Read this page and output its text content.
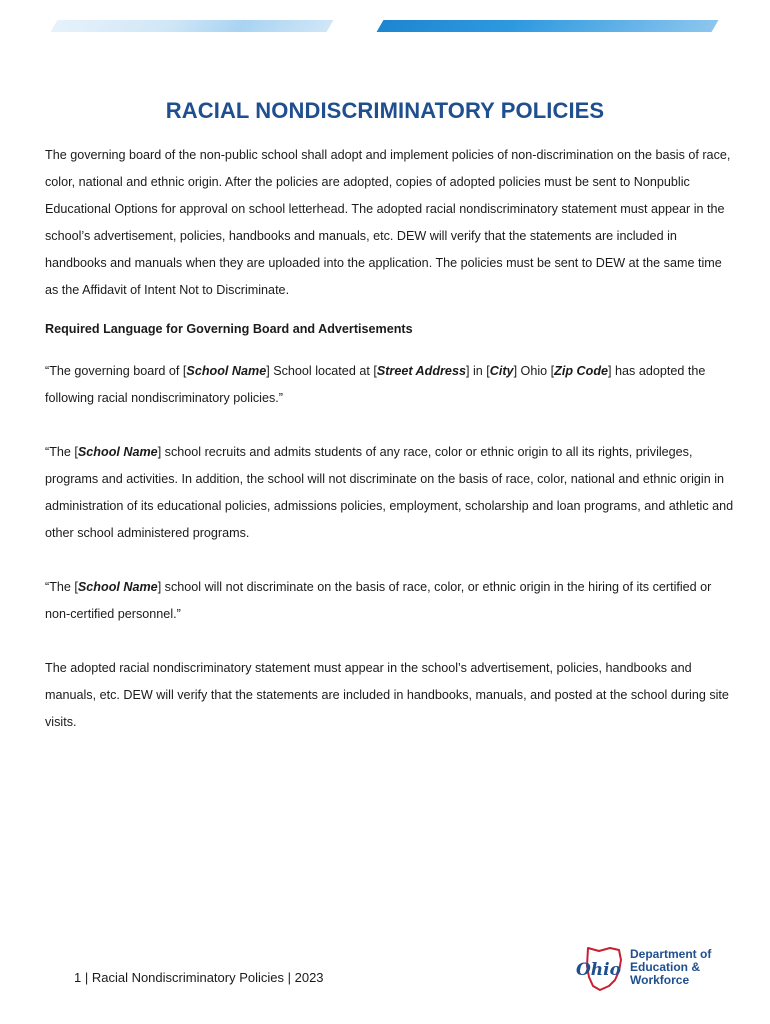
RACIAL NONDISCRIMINATORY POLICIES

The governing board of the non-public school shall adopt and implement policies of non-discrimination on the basis of race, color, national and ethnic origin. After the policies are adopted, copies of adopted policies must be sent to Nonpublic Educational Options for approval on school letterhead. The adopted racial nondiscriminatory statement must appear in the school’s advertisement, policies, handbooks and manuals, etc. DEW will verify that the statements are included in handbooks and manuals when they are uploaded into the application. The policies must be sent to DEW at the same time as the Affidavit of Intent Not to Discriminate.

Required Language for Governing Board and Advertisements

“The governing board of [School Name] School located at [Street Address] in [City] Ohio [Zip Code] has adopted the following racial nondiscriminatory policies.”

“The [School Name] school recruits and admits students of any race, color or ethnic origin to all its rights, privileges, programs and activities. In addition, the school will not discriminate on the basis of race, color, national and ethnic origin in administration of its educational policies, admissions policies, employment, scholarship and loan programs, and athletic and other school administered programs.

“The [School Name] school will not discriminate on the basis of race, color, or ethnic origin in the hiring of its certified or non-certified personnel.”

The adopted racial nondiscriminatory statement must appear in the school’s advertisement, policies, handbooks and manuals, etc. DEW will verify that the statements are included in handbooks, manuals, and posted at the school during site visits.

1 | Racial Nondiscriminatory Policies | 2023	Ohio
Department of
Education &
Workforce
